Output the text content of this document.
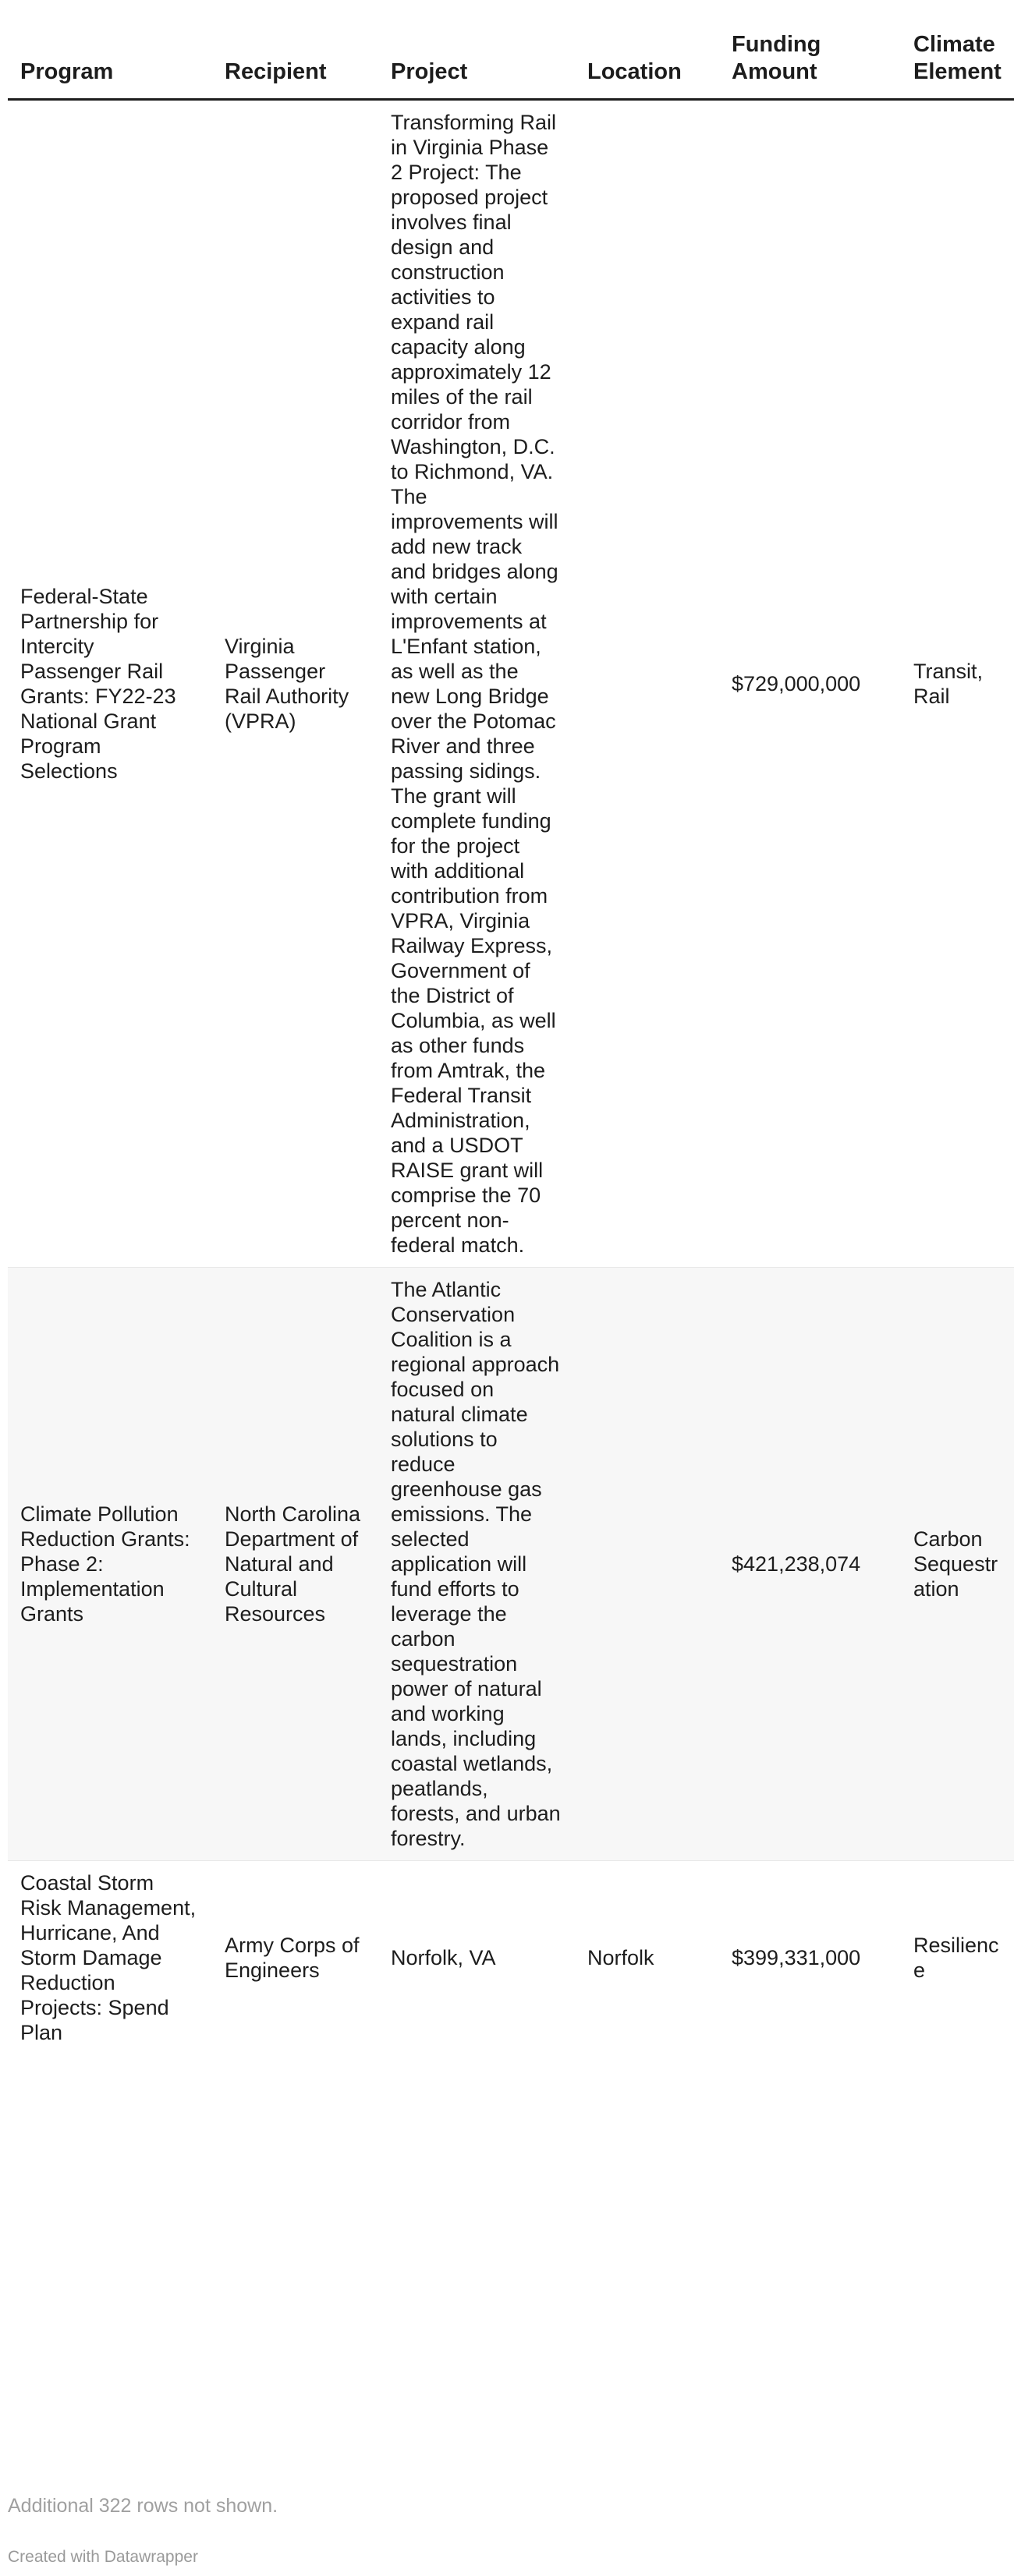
Program	Recipient	Project	Location	Funding Amount	Climate Element
Federal-State Partnership for Intercity Passenger Rail Grants: FY22-23 National Grant Program Selections	Virginia Passenger Rail Authority (VPRA)	Transforming Rail in Virginia Phase 2 Project: The proposed project involves final design and construction activities to expand rail capacity along approximately 12 miles of the rail corridor from Washington, D.C. to Richmond, VA. The improvements will add new track and bridges along with certain improvements at L'Enfant station, as well as the new Long Bridge over the Potomac River and three passing sidings. The grant will complete funding for the project with additional contribution from VPRA, Virginia Railway Express, Government of the District of Columbia, as well as other funds from Amtrak, the Federal Transit Administration, and a USDOT RAISE grant will comprise the 70 percent non-federal match.		$729,000,000	Transit, Rail
Climate Pollution Reduction Grants: Phase 2: Implementation Grants	North Carolina Department of Natural and Cultural Resources	The Atlantic Conservation Coalition is a regional approach focused on natural climate solutions to reduce greenhouse gas emissions. The selected application will fund efforts to leverage the carbon sequestration power of natural and working lands, including coastal wetlands, peatlands, forests, and urban forestry.		$421,238,074	Carbon Sequestration
Coastal Storm Risk Management, Hurricane, And Storm Damage Reduction Projects: Spend Plan	Army Corps of Engineers	Norfolk, VA	Norfolk	$399,331,000	Resilience
Additional 322 rows not shown.
Created with Datawrapper
